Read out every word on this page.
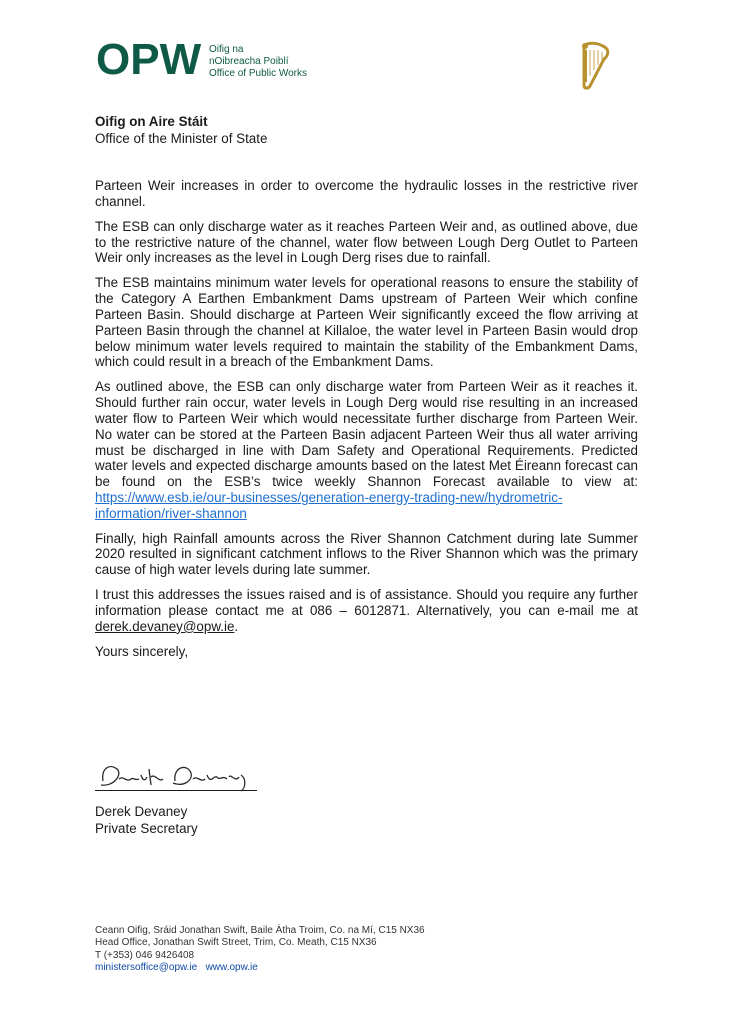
OPW Oifig na
nOibreacha Poiblí
Office of Public Works
Oifig on Aire Stáit
Office of the Minister of State

Parteen Weir increases in order to overcome the hydraulic losses in the restrictive river channel.

The ESB can only discharge water as it reaches Parteen Weir and, as outlined above, due to the restrictive nature of the channel, water flow between Lough Derg Outlet to Parteen Weir only increases as the level in Lough Derg rises due to rainfall.

The ESB maintains minimum water levels for operational reasons to ensure the stability of the Category A Earthen Embankment Dams upstream of Parteen Weir which confine Parteen Basin. Should discharge at Parteen Weir significantly exceed the flow arriving at Parteen Basin through the channel at Killaloe, the water level in Parteen Basin would drop below minimum water levels required to maintain the stability of the Embankment Dams, which could result in a breach of the Embankment Dams.

As outlined above, the ESB can only discharge water from Parteen Weir as it reaches it. Should further rain occur, water levels in Lough Derg would rise resulting in an increased water flow to Parteen Weir which would necessitate further discharge from Parteen Weir. No water can be stored at the Parteen Basin adjacent Parteen Weir thus all water arriving must be discharged in line with Dam Safety and Operational Requirements. Predicted water levels and expected discharge amounts based on the latest Met Éireann forecast can be found on the ESB’s twice weekly Shannon Forecast available to view at: https://www.esb.ie/our-businesses/generation-energy-trading-new/hydrometric-information/river-shannon

Finally, high Rainfall amounts across the River Shannon Catchment during late Summer 2020 resulted in significant catchment inflows to the River Shannon which was the primary cause of high water levels during late summer.

I trust this addresses the issues raised and is of assistance. Should you require any further information please contact me at 086 – 6012871. Alternatively, you can e-mail me at derek.devaney@opw.ie.

Yours sincerely,

Derek Devaney
Private Secretary
Ceann Oifig, Sráid Jonathan Swift, Baile Átha Troim, Co. na Mí, C15 NX36
Head Office, Jonathan Swift Street, Trim, Co. Meath, C15 NX36
T (+353) 046 9426408
ministersoffice@opw.ie www.opw.ie
